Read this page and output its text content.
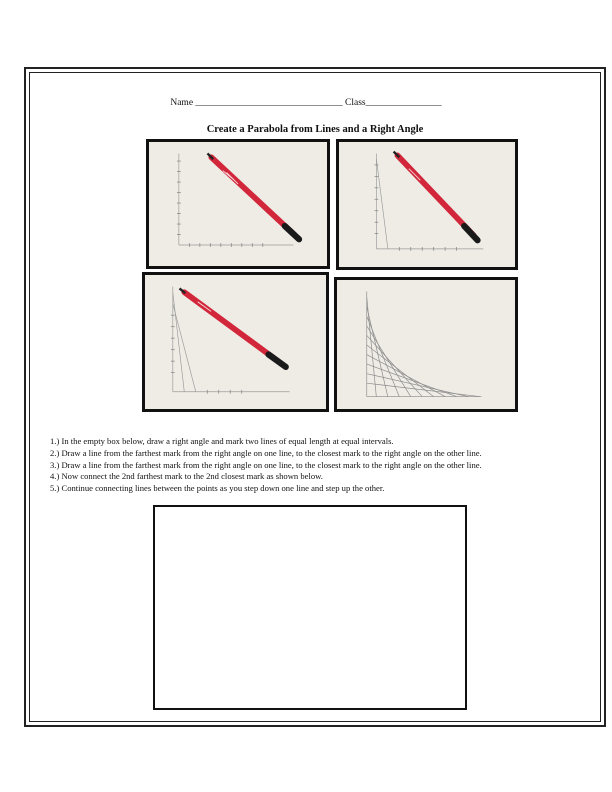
Name _______________________________ Class________________
Create a Parabola from Lines and a Right Angle
1.) In the empty box below, draw a right angle and mark two lines of equal length at equal intervals.
2.) Draw a line from the farthest mark from the right angle on one line, to the closest mark to the right angle on the other line.
3.) Draw a line from the farthest mark from the right angle on one line, to the closest mark to the right angle on the other line.
4.) Now connect the 2nd farthest mark to the 2nd closest mark as shown below.
5.) Continue connecting lines between the points as you step down one line and step up the other.
